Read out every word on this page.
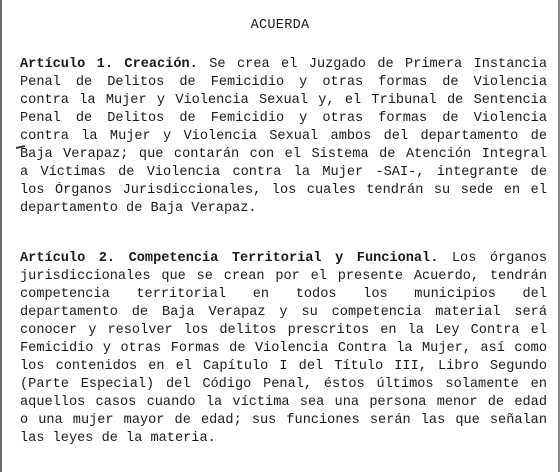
ACUERDA
Artículo 1. Creación. Se crea el Juzgado de Primera Instancia
Penal de Delitos de Femicidio y otras formas de Violencia
contra la Mujer y Violencia Sexual y, el Tribunal de Sentencia
Penal de Delitos de Femicidio y otras formas de Violencia
contra la Mujer y Violencia Sexual ambos del departamento de
Baja Verapaz; que contarán con el Sistema de Atención Integral
a Víctimas de Violencia contra la Mujer -SAI-, integrante de
los Órganos Jurisdiccionales, los cuales tendrán su sede en el
departamento de Baja Verapaz.
Artículo 2. Competencia Territorial y Funcional. Los órganos
jurisdiccionales que se crean por el presente Acuerdo, tendrán
competencia territorial en todos los municipios del
departamento de Baja Verapaz y su competencia material será
conocer y resolver los delitos prescritos en la Ley Contra el
Femicidio y otras Formas de Violencia Contra la Mujer, así como
los contenidos en el Capítulo I del Título III, Libro Segundo
(Parte Especial) del Código Penal, éstos últimos solamente en
aquellos casos cuando la víctima sea una persona menor de edad
o una mujer mayor de edad; sus funciones serán las que señalan
las leyes de la materia.
